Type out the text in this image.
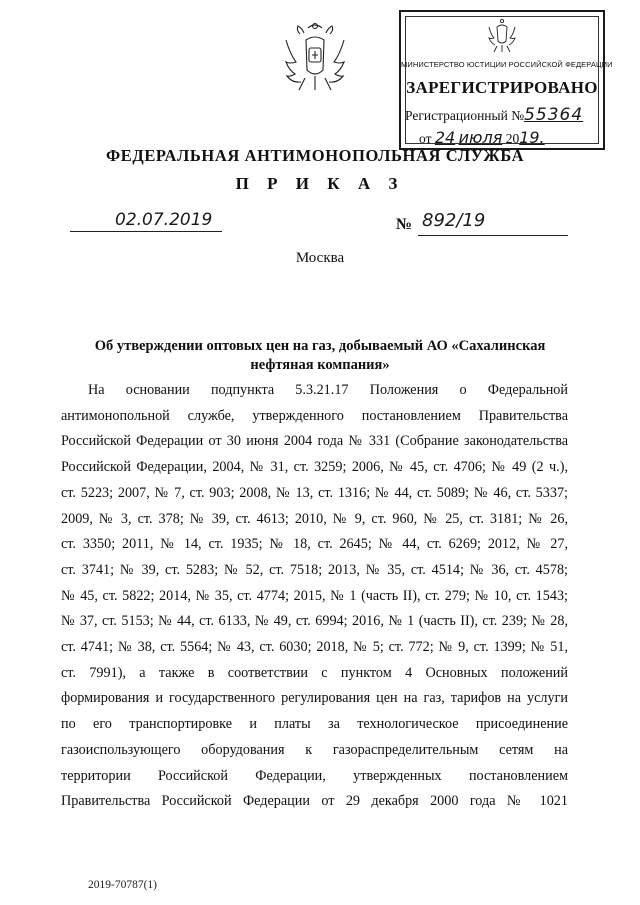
МИНИСТЕРСТВО ЮСТИЦИИ РОССИЙСКОЙ ФЕДЕРАЦИИ
ЗАРЕГИСТРИРОВАНО
Регистрационный №55364
от 24 июля 2019.
ФЕДЕРАЛЬНАЯ АНТИМОНОПОЛЬНАЯ СЛУЖБА
П Р И К А З
02.07.2019	№ 892/19
Москва
Об утверждении оптовых цен на газ, добываемый АО «Сахалинская нефтяная компания»
На основании подпункта 5.3.21.17 Положения о Федеральной
антимонопольной службе, утвержденного постановлением Правительства
Российской Федерации от 30 июня 2004 года № 331 (Собрание законодательства
Российской Федерации, 2004, № 31, ст. 3259; 2006, № 45, ст. 4706; № 49 (2 ч.),
ст. 5223; 2007, № 7, ст. 903; 2008, № 13, ст. 1316; № 44, ст. 5089; № 46, ст. 5337;
2009, № 3, ст. 378; № 39, ст. 4613; 2010, № 9, ст. 960, № 25, ст. 3181; № 26,
ст. 3350; 2011, № 14, ст. 1935; № 18, ст. 2645; № 44, ст. 6269; 2012, № 27,
ст. 3741; № 39, ст. 5283; № 52, ст. 7518; 2013, № 35, ст. 4514; № 36, ст. 4578;
№ 45, ст. 5822; 2014, № 35, ст. 4774; 2015, № 1 (часть II), ст. 279; № 10, ст. 1543;
№ 37, ст. 5153; № 44, ст. 6133, № 49, ст. 6994; 2016, № 1 (часть II), ст. 239; № 28,
ст. 4741; № 38, ст. 5564; № 43, ст. 6030; 2018, № 5; ст. 772; № 9, ст. 1399; № 51,
ст. 7991), а также в соответствии с пунктом 4 Основных положений
формирования и государственного регулирования цен на газ, тарифов на услуги
по его транспортировке и платы за технологическое присоединение
газоиспользующего оборудования к газораспределительным сетям на
территории Российской Федерации, утвержденных постановлением
Правительства Российской Федерации от 29 декабря 2000 года № 1021
2019-70787(1)
